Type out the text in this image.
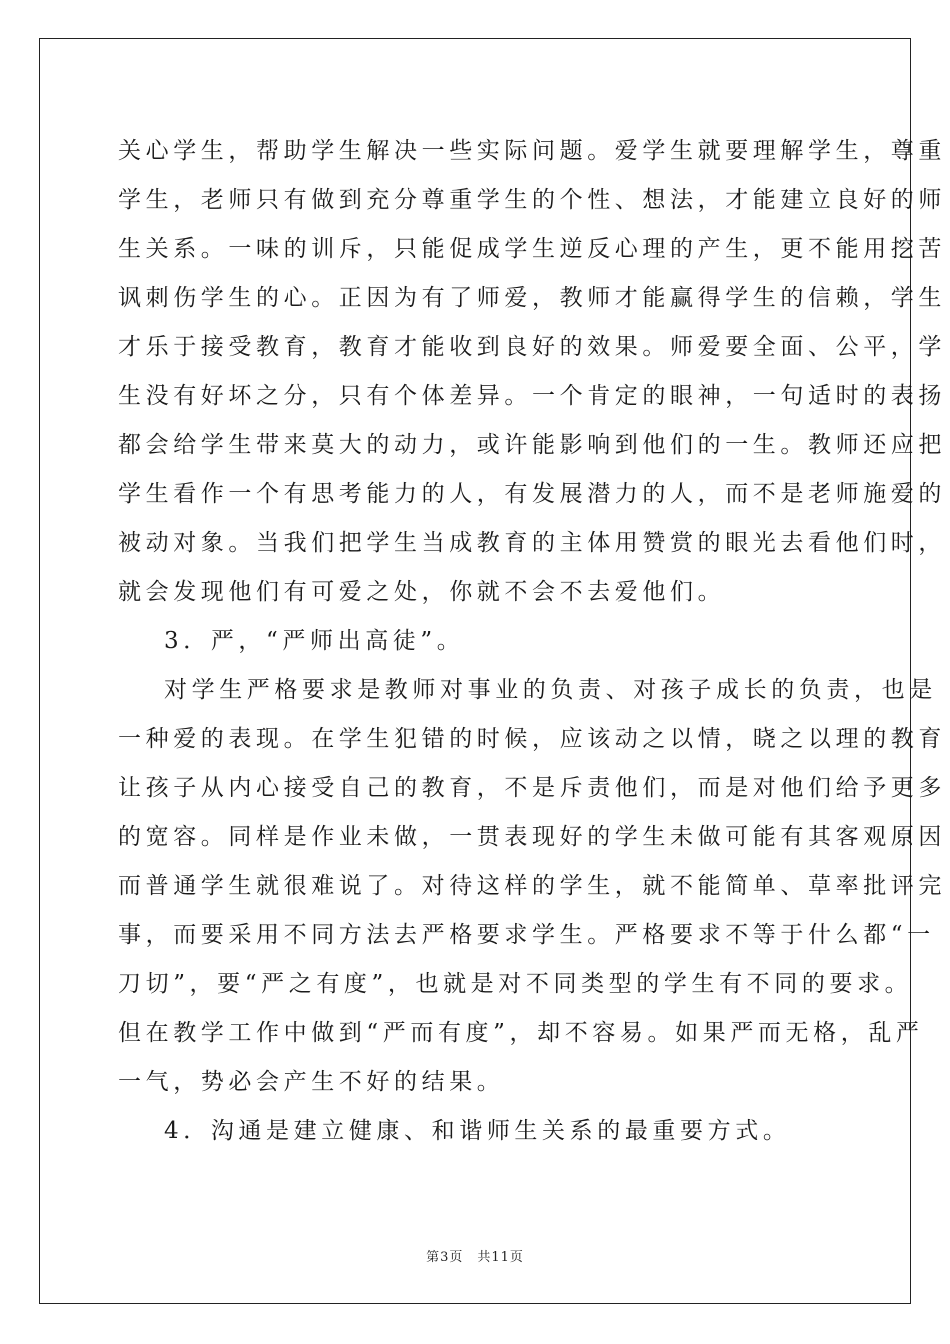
关心学生，帮助学生解决一些实际问题。爱学生就要理解学生，尊重
学生，老师只有做到充分尊重学生的个性、想法，才能建立良好的师
生关系。一味的训斥，只能促成学生逆反心理的产生，更不能用挖苦
讽刺伤学生的心。正因为有了师爱，教师才能赢得学生的信赖，学生
才乐于接受教育，教育才能收到良好的效果。师爱要全面、公平，学
生没有好坏之分，只有个体差异。一个肯定的眼神，一句适时的表扬
都会给学生带来莫大的动力，或许能影响到他们的一生。教师还应把
学生看作一个有思考能力的人，有发展潜力的人，而不是老师施爱的
被动对象。当我们把学生当成教育的主体用赞赏的眼光去看他们时，
就会发现他们有可爱之处，你就不会不去爱他们。
3．严，“严师出高徒”。
对学生严格要求是教师对事业的负责、对孩子成长的负责，也是
一种爱的表现。在学生犯错的时候，应该动之以情，晓之以理的教育
让孩子从内心接受自己的教育，不是斥责他们，而是对他们给予更多
的宽容。同样是作业未做，一贯表现好的学生未做可能有其客观原因
而普通学生就很难说了。对待这样的学生，就不能简单、草率批评完
事，而要采用不同方法去严格要求学生。严格要求不等于什么都“一
刀切”，要“严之有度”，也就是对不同类型的学生有不同的要求。
但在教学工作中做到“严而有度”，却不容易。如果严而无格，乱严
一气，势必会产生不好的结果。
4．沟通是建立健康、和谐师生关系的最重要方式。
第3页　共11页
